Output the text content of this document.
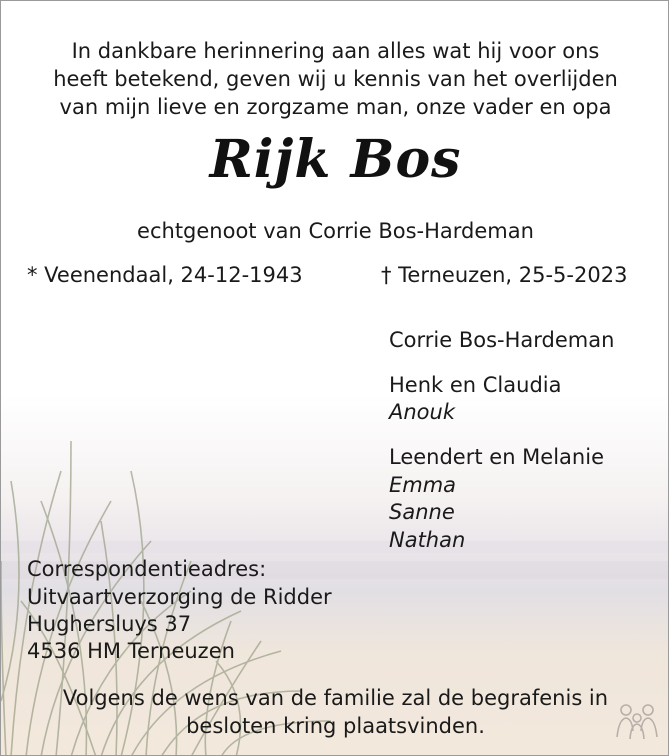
In dankbare herinnering aan alles wat hij voor ons
heeft betekend, geven wij u kennis van het overlijden
van mijn lieve en zorgzame man, onze vader en opa
Rijk Bos
echtgenoot van Corrie Bos-Hardeman
* Veenendaal, 24-12-1943	† Terneuzen, 25-5-2023
Corrie Bos-Hardeman
Henk en Claudia
Anouk
Leendert en Melanie
Emma
Sanne
Nathan
Correspondentieadres:
Uitvaartverzorging de Ridder
Hughersluys 37
4536 HM Terneuzen
Volgens de wens van de familie zal de begrafenis in
besloten kring plaatsvinden.
